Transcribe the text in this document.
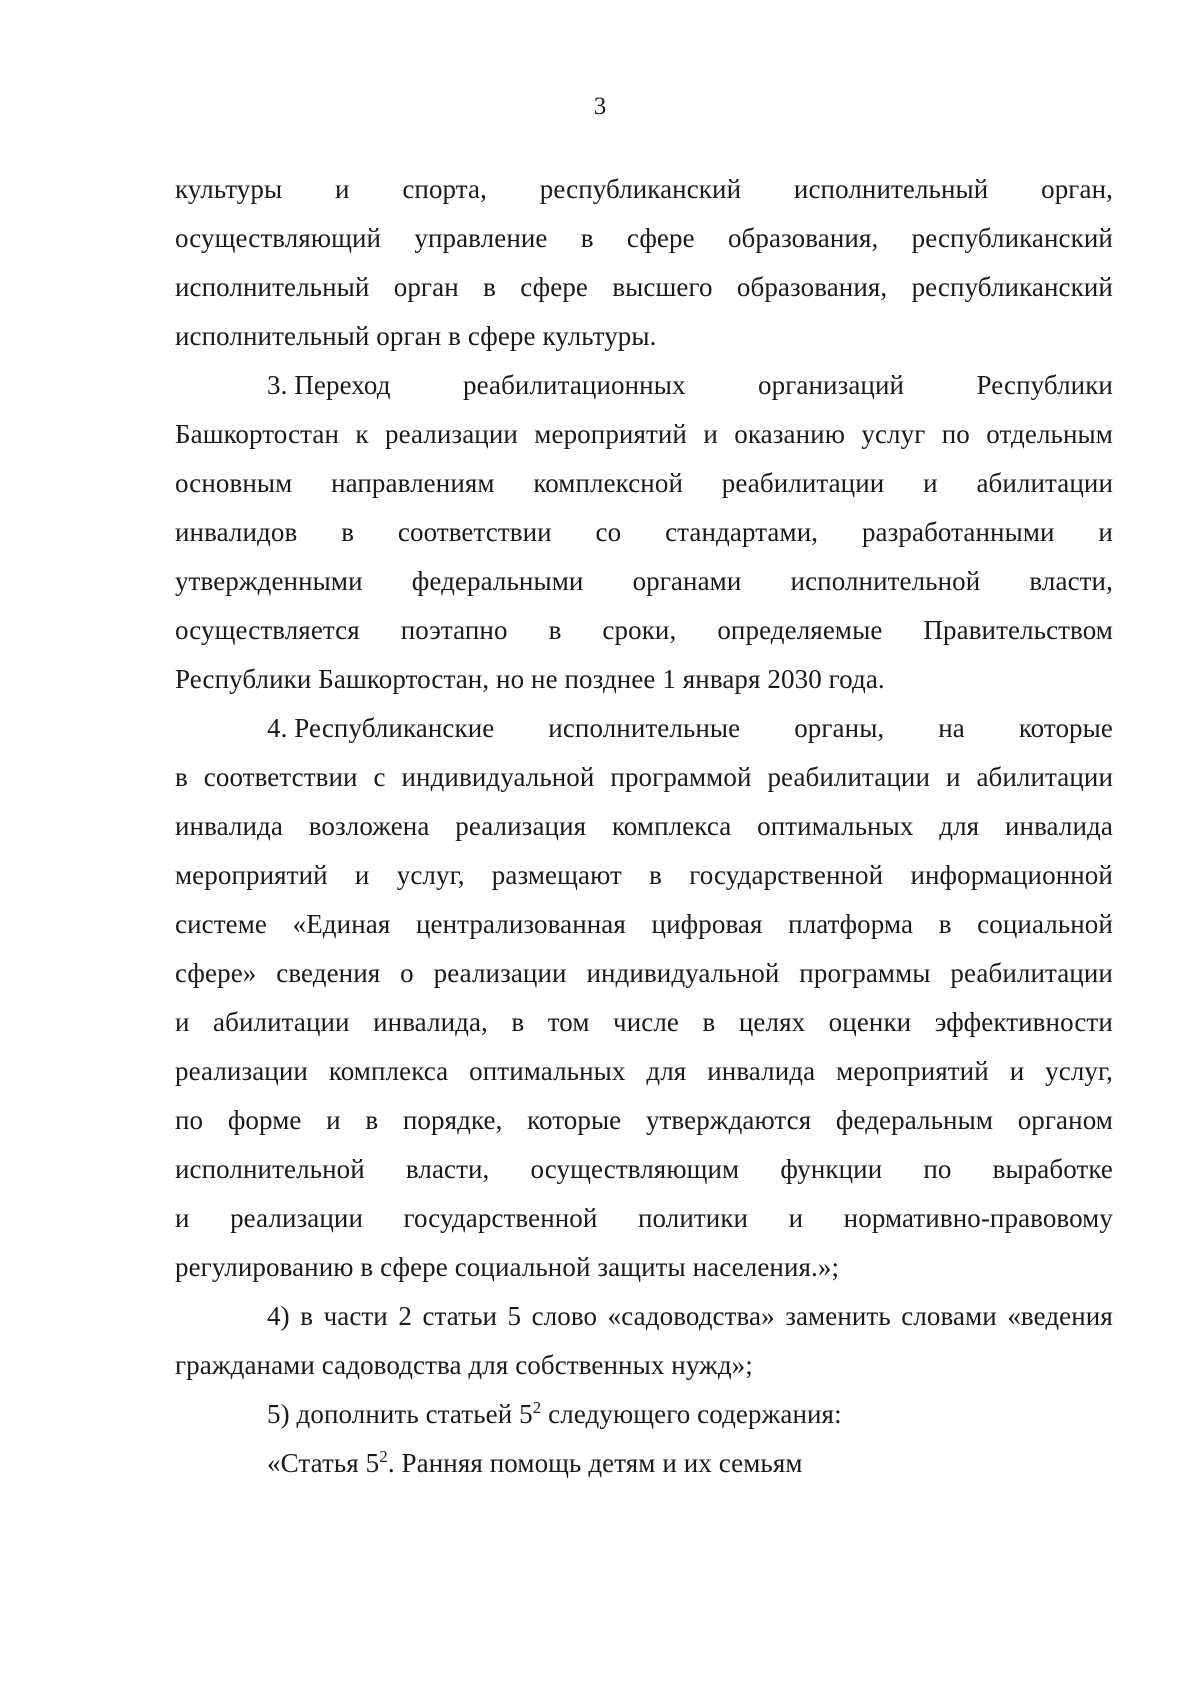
3
культуры и спорта, республиканский исполнительный орган,
осуществляющий управление в сфере образования, республиканский
исполнительный орган в сфере высшего образования, республиканский
исполнительный орган в сфере культуры.
3. Переход	реабилитационных	организаций	Республики
Башкортостан к реализации мероприятий и оказанию услуг по отдельным
основным направлениям комплексной реабилитации и абилитации
инвалидов в соответствии со стандартами, разработанными и
утвержденными федеральными органами исполнительной власти,
осуществляется поэтапно в сроки, определяемые Правительством
Республики Башкортостан, но не позднее 1 января 2030 года.
4. Республиканские исполнительные органы, на которые
в соответствии с индивидуальной программой реабилитации и абилитации
инвалида возложена реализация комплекса оптимальных для инвалида
мероприятий и услуг, размещают в государственной информационной
системе «Единая централизованная цифровая платформа в социальной
сфере» сведения о реализации индивидуальной программы реабилитации
и абилитации инвалида, в том числе в целях оценки эффективности
реализации комплекса оптимальных для инвалида мероприятий и услуг,
по форме и в порядке, которые утверждаются федеральным органом
исполнительной власти, осуществляющим функции по выработке
и реализации государственной политики и нормативно-правовому
регулированию в сфере социальной защиты населения.»;
4) в части 2 статьи 5 слово «садоводства» заменить словами «ведения
гражданами садоводства для собственных нужд»;
5) дополнить статьей $5^2$ следующего содержания:
«Статья $5^2$. Ранняя помощь детям и их семьям
